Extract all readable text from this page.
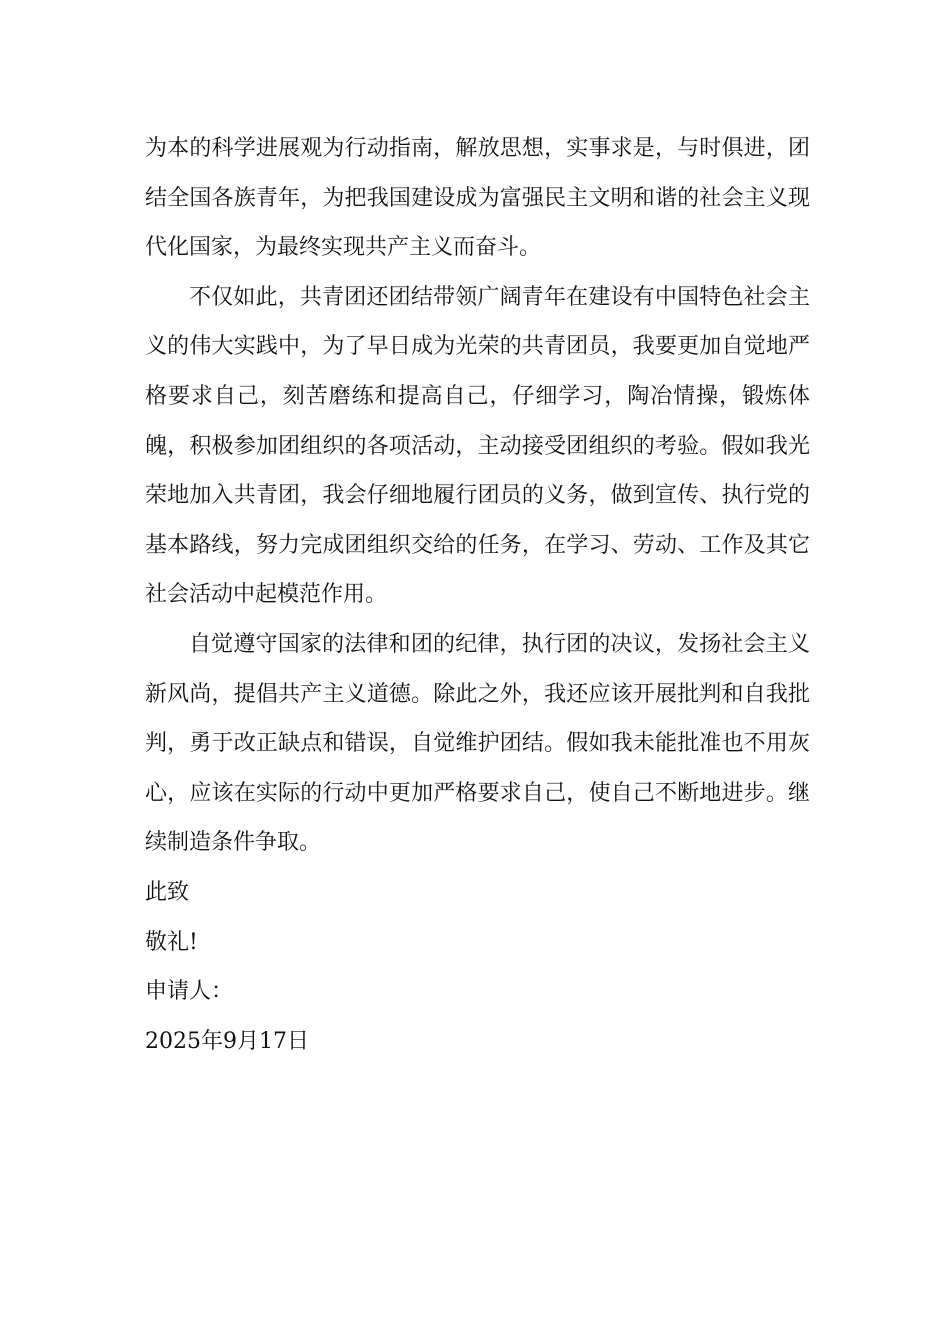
为本的科学进展观为行动指南，解放思想，实事求是，与时俱进，团结全国各族青年，为把我国建设成为富强民主文明和谐的社会主义现代化国家，为最终实现共产主义而奋斗。

不仅如此，共青团还团结带领广阔青年在建设有中国特色社会主义的伟大实践中，为了早日成为光荣的共青团员，我要更加自觉地严格要求自己，刻苦磨练和提高自己，仔细学习，陶冶情操，锻炼体魄，积极参加团组织的各项活动，主动接受团组织的考验。假如我光荣地加入共青团，我会仔细地履行团员的义务，做到宣传、执行党的基本路线，努力完成团组织交给的任务，在学习、劳动、工作及其它社会活动中起模范作用。

自觉遵守国家的法律和团的纪律，执行团的决议，发扬社会主义新风尚，提倡共产主义道德。除此之外，我还应该开展批判和自我批判，勇于改正缺点和错误，自觉维护团结。假如我未能批准也不用灰心，应该在实际的行动中更加严格要求自己，使自己不断地进步。继续制造条件争取。

此致

敬礼!

申请人：

2025年9月17日
